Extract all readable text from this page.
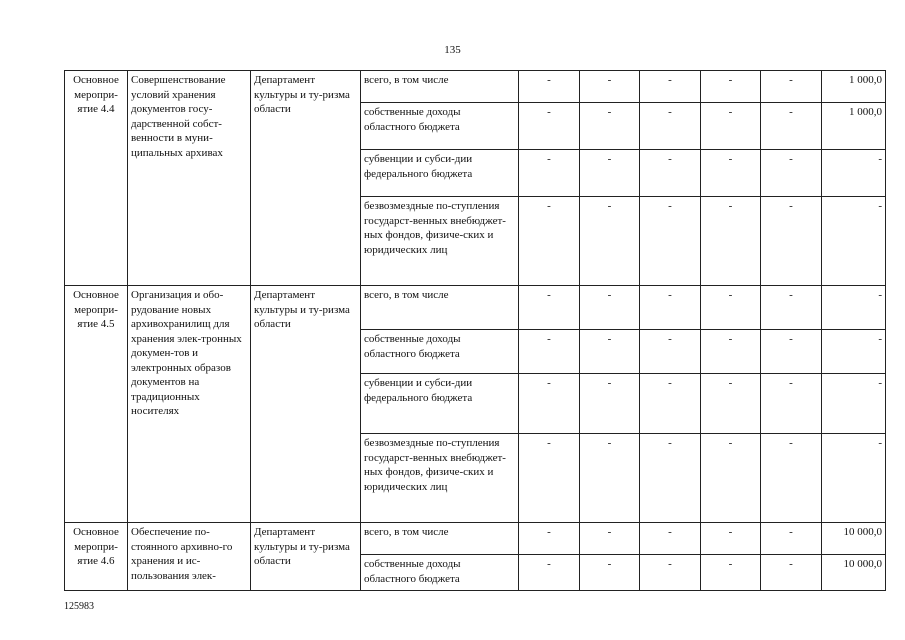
135
Основное меропри-ятие 4.4	Совершенствование условий хранения документов госу-дарственной собст-венности в муни-ципальных архивах	Департамент культуры и ту-ризма области	всего, в том числе	-	-	-	-	-	1 000,0
			собственные доходы областного бюджета	-	-	-	-	-	1 000,0
			субвенции и субси-дии федерального бюджета	-	-	-	-	-	-
			безвозмездные по-ступления государст-венных внебюджет-ных фондов, физиче-ских и юридических лиц	-	-	-	-	-	-
Основное меропри-ятие 4.5	Организация и обо-рудование новых архивохранилищ для хранения элек-тронных докумен-тов и электронных образов документов на традиционных носителях	Департамент культуры и ту-ризма области	всего, в том числе	-	-	-	-	-	-
			собственные доходы областного бюджета	-	-	-	-	-	-
			субвенции и субси-дии федерального бюджета	-	-	-	-	-	-
			безвозмездные по-ступления государст-венных внебюджет-ных фондов, физиче-ских и юридических лиц	-	-	-	-	-	-
Основное меропри-ятие 4.6	Обеспечение по-стоянного архивно-го хранения и ис-пользования элек-	Департамент культуры и ту-ризма области	всего, в том числе	-	-	-	-	-	10 000,0
			собственные доходы областного бюджета	-	-	-	-	-	10 000,0
125983
